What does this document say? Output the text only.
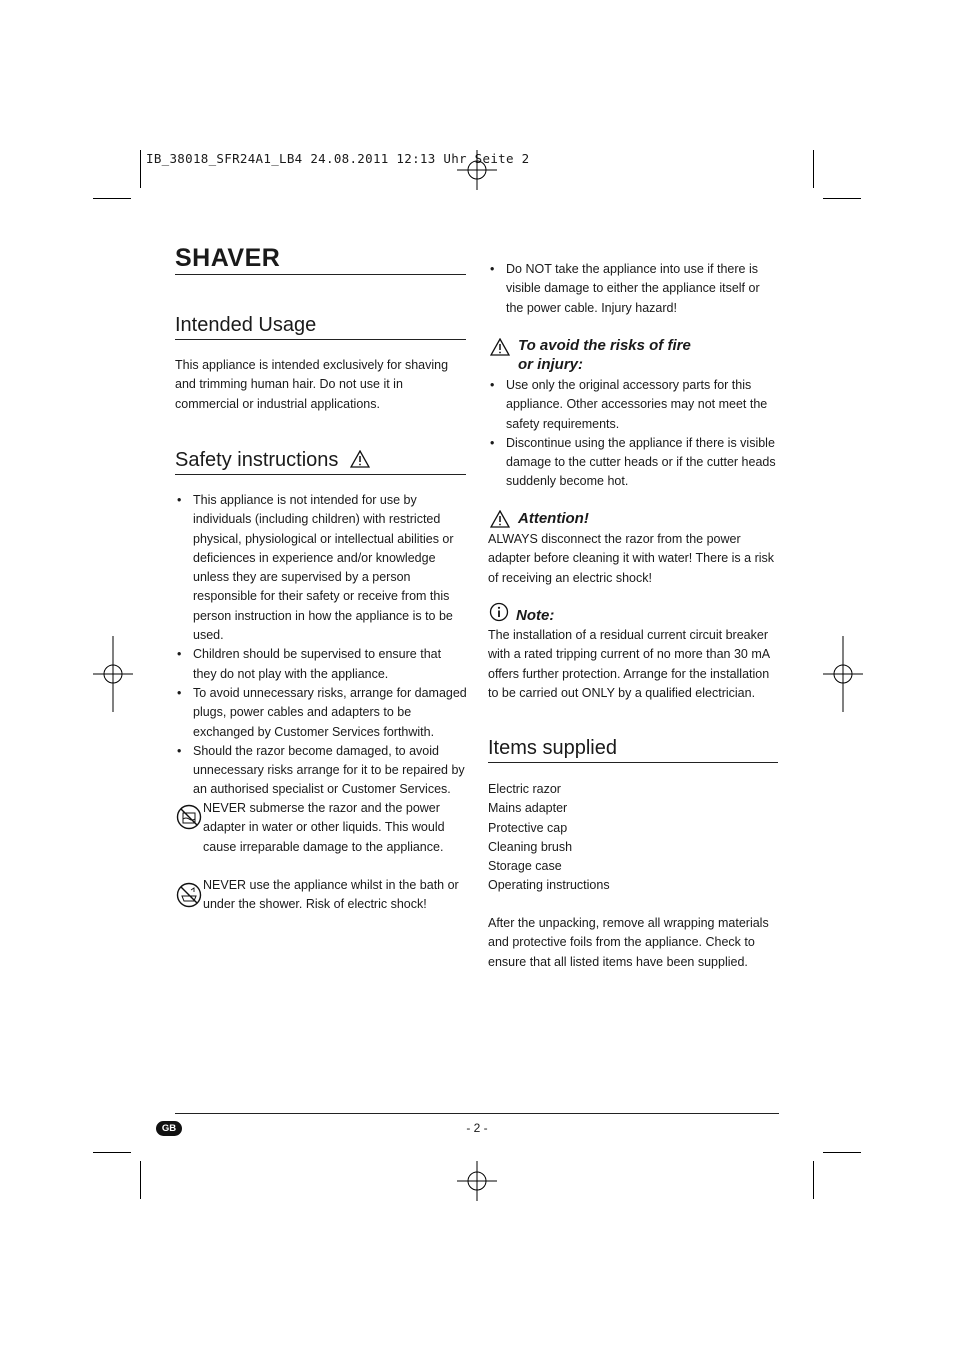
IB_38018_SFR24A1_LB4 24.08.2011 12:13 Uhr Seite 2
SHAVER
Intended Usage
This appliance is intended exclusively for shaving and trimming human hair. Do not use it in commercial or industrial applications.
Safety instructions
• This appliance is not intended for use by individuals (including children) with restricted physical, physiological or intellectual abilities or deficiences in experience and/or knowledge unless they are supervised by a person responsible for their safety or receive from this person instruction in how the appliance is to be used.
• Children should be supervised to ensure that they do not play with the appliance.
• To avoid unnecessary risks, arrange for damaged plugs, power cables and adapters to be exchanged by Customer Services forthwith.
• Should the razor become damaged, to avoid unnecessary risks arrange for it to be repaired by an authorised specialist or Customer Services.
NEVER submerse the razor and the power adapter in water or other liquids. This would cause irreparable damage to the appliance.
NEVER use the appliance whilst in the bath or under the shower. Risk of electric shock!
• Do NOT take the appliance into use if there is visible damage to either the appliance itself or the power cable. Injury hazard!
To avoid the risks of fire
or injury:
• Use only the original accessory parts for this appliance. Other accessories may not meet the safety requirements.
• Discontinue using the appliance if there is visible damage to the cutter heads or if the cutter heads suddenly become hot.
Attention!
ALWAYS disconnect the razor from the power adapter before cleaning it with water! There is a risk of receiving an electric shock!
Note:
The installation of a residual current circuit breaker with a rated tripping current of no more than 30 mA offers further protection. Arrange for the installation to be carried out ONLY by a qualified electrician.
Items supplied

Electric razor

Mains adapter

Protective cap

Cleaning brush

Storage case

Operating instructions

After the unpacking, remove all wrapping materials and protective foils from the appliance. Check to ensure that all listed items have been supplied.
GB	- 2 -
